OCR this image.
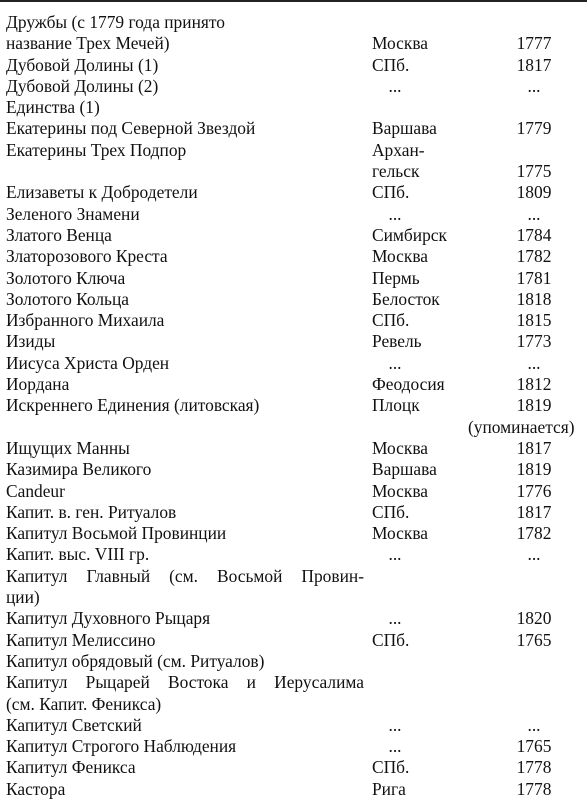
Дружбы (с 1779 года принято
название Трех Мечей)	Москва	1777
Дубовой Долины (1)	СПб.	1817
Дубовой Долины (2)	...	...
Единства (1)
Екатерины под Северной Звездой	Варшава	1779
Екатерины Трех Подпор	Архан-
гельск	1775
Елизаветы к Добродетели	СПб.	1809
Зеленого Знамени	...	...
Златого Венца	Симбирск	1784
Златорозового Креста	Москва	1782
Золотого Ключа	Пермь	1781
Золотого Кольца	Белосток	1818
Избранного Михаила	СПб.	1815
Изиды	Ревель	1773
Иисуса Христа Орден	...	...
Иордана	Феодосия	1812
Искреннего Единения (литовская)	Плоцк	1819
(упоминается)
Ищущих Манны	Москва	1817
Казимира Великого	Варшава	1819
Candeur	Москва	1776
Капит. в. ген. Ритуалов	СПб.	1817
Капитул Восьмой Провинции	Москва	1782
Капит. выс. VIII гр.	...	...
Капитул Главный (см. Восьмой Провин-
ции)
Капитул Духовного Рыцаря	...	1820
Капитул Мелиссино	СПб.	1765
Капитул обрядовый (см. Ритуалов)
Капитул Рыцарей Востока и Иерусалима
(см. Капит. Феникса)
Капитул Светский	...	...
Капитул Строгого Наблюдения	...	1765
Капитул Феникса	СПб.	1778
Кастора	Рига	1778
